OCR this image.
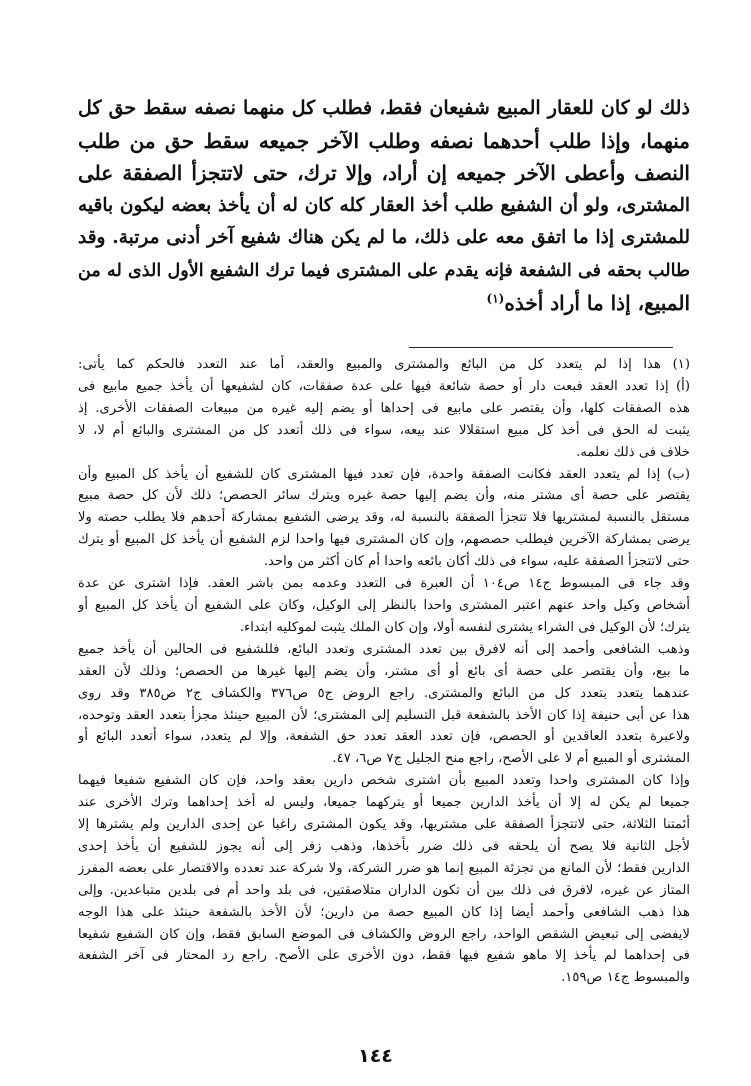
ذلك لو كان للعقار المبيع شفيعان فقط، فطلب كل منهما نصفه سقط حق كل
منهما، وإذا طلب أحدهما نصفه وطلب الآخر جميعه سقط حق من طلب
النصف وأعطى الآخر جميعه إن أراد، وإلا ترك، حتى لاتتجزأ الصفقة على
المشترى، ولو أن الشفيع طلب أخذ العقار كله كان له أن يأخذ بعضه ليكون باقيه
للمشترى إذا ما اتفق معه على ذلك، ما لم يكن هناك شفيع آخر أدنى مرتبة. وقد
طالب بحقه فى الشفعة فإنه يقدم على المشترى فيما ترك الشفيع الأول الذى له من
المبيع، إذا ما أراد أخذه$^{(١)}$
(١) هذا إذا لم يتعدد كل من البائع والمشترى والمبيع والعقد، أما عند التعدد فالحكم كما يأتى:
(أ) إذا تعدد العقد فبعت دار أو حصة شائعة فيها على عدة صفقات، كان لشفيعها أن يأخذ جميع مابيع فى
هذه الصفقات كلها، وأن يقتصر على مابيع فى إحداها أو يضم إليه غيره من مبيعات الصفقات الأخرى. إذ
يثبت له الحق فى أخذ كل مبيع استقلالا عند بيعه، سواء فى ذلك أتعدد كل من المشترى والبائع أم لا، لا
خلاف فى ذلك نعلمه.
(ب) إذا لم يتعدد العقد فكانت الصفقة واحدة، فإن تعدد فيها المشترى كان للشفيع أن يأخذ كل المبيع وأن
يقتصر على حصة أى مشتر منه، وأن يضم إليها حصة غيره ويترك سائر الحصص؛ ذلك لأن كل حصة مبيع
مستقل بالنسبة لمشتريها فلا تتجزأ الصفقة بالنسبة له، وقد يرضى الشفيع بمشاركة أحدهم فلا يطلب حصته ولا
يرضى بمشاركة الآخرين فيطلب حصصهم، وإن كان المشترى فيها واحدا لزم الشفيع أن يأخذ كل المبيع أو يترك
حتى لاتتجزأ الصفقة عليه، سواء فى ذلك أكان بائعه واحدا أم كان أكثر من واحد.
وقد جاء فى المبسوط ج١٤ ص١٠٤ أن العبرة فى التعدد وعدمه بمن باشر العقد. فإذا اشترى عن عدة
أشخاص وكيل واحد عنهم اعتبر المشترى واحدا بالنظر إلى الوكيل، وكان على الشفيع أن يأخذ كل المبيع أو
يترك؛ لأن الوكيل فى الشراء يشترى لنفسه أولا، وإن كان الملك يثبت لموكليه ابتداء.
وذهب الشافعى وأحمد إلى أنه لافرق بين تعدد المشترى وتعدد البائع، فللشفيع فى الحالين أن يأخذ جميع
ما بيع، وأن يقتصر على حصة أى بائع أو أى مشتر، وأن يضم إليها غيرها من الحصص؛ وذلك لأن العقد
عندهما يتعدد بتعدد كل من البائع والمشترى. راجع الروض ج٥ ص٣٧٦ والكشاف ج٢ ص٣٨٥ وقد روى
هذا عن أبى حنيفة إذا كان الأخذ بالشفعة قبل التسليم إلى المشترى؛ لأن المبيع حينئذ مجزأ بتعدد العقد وتوحده،
ولاعبرة بتعدد العاقدين أو الحصص، فإن تعدد العقد تعدد حق الشفعة، وإلا لم يتعدد، سواء أتعدد البائع أو
المشترى أو المبيع أم لا على الأصح، راجع منح الجليل ج٧ ص٦، ٤٧.
وإذا كان المشترى واحدا وتعدد المبيع بأن اشترى شخص دارين بعقد واحد، فإن كان الشفيع شفيعا فيهما
جميعا لم يكن له إلا أن يأخذ الدارين جميعا أو يتركهما جميعا، وليس له أخذ إحداهما وترك الأخرى عند
أئمتنا الثلاثة، حتى لاتتجزأ الصفقة على مشتريها، وقد يكون المشترى راغبا عن إحدى الدارين ولم يشترها إلا
لأجل الثانية فلا يصح أن يلحقه فى ذلك ضرر بأخذها، وذهب زفر إلى أنه يجوز للشفيع أن يأخذ إحدى
الدارين فقط؛ لأن المانع من تجزئة المبيع إنما هو ضرر الشركة، ولا شركة عند تعدده والاقتصار على بعضه المفرز
المتاز عن غيره، لافرق فى ذلك بين أن تكون الداران متلاصقتين، فى بلد واحد أم فى بلدين متباعدين. وإلى
هذا ذهب الشافعى وأحمد أيضا إذا كان المبيع حصة من دارين؛ لأن الأخذ بالشفعة حينئذ على هذا الوجه
لايفضى إلى تبعيض الشقص الواحد، راجع الروض والكشاف فى الموضع السابق فقط، وإن كان الشفيع شفيعا
فى إحداهما لم يأخذ إلا ماهو شفيع فيها فقط، دون الأخرى على الأصح. راجع رد المحتار فى آخر الشفعة
والمبسوط ج١٤ ص١٥٩.
١٤٤
